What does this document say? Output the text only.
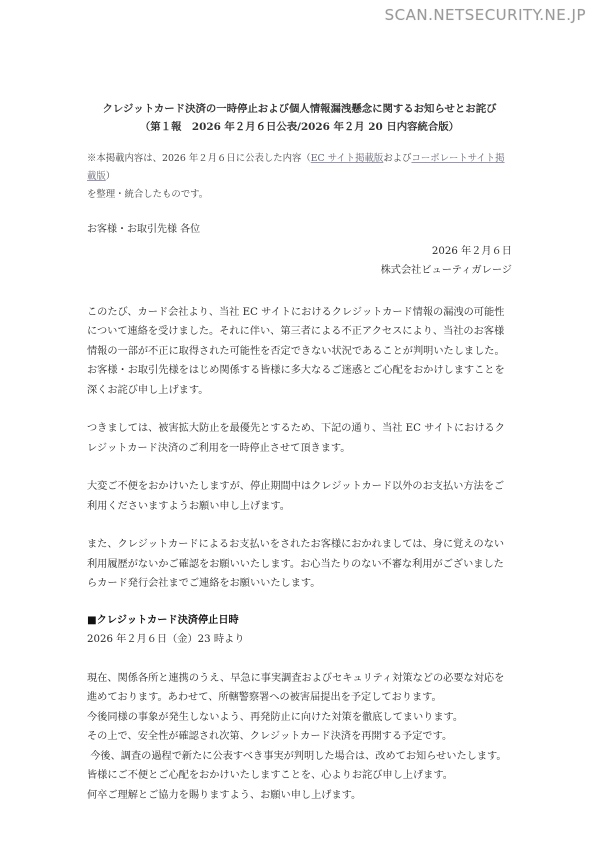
SCAN.NETSECURITY.NE.JP
クレジットカード決済の一時停止および個人情報漏洩懸念に関するお知らせとお詫び
（第１報　2026 年２月６日公表/2026 年２月 20 日内容統合版）
※本掲載内容は、2026 年２月６日に公表した内容（EC サイト掲載版およびコーポレートサイト掲載版）
を整理・統合したものです。
お客様・お取引先様 各位
2026 年２月６日
株式会社ビューティガレージ

このたび、カード会社より、当社 EC サイトにおけるクレジットカード情報の漏洩の可能性について連絡を受けました。それに伴い、第三者による不正アクセスにより、当社のお客様情報の一部が不正に取得された可能性を否定できない状況であることが判明いたしました。お客様・お取引先様をはじめ関係する皆様に多大なるご迷惑とご心配をおかけしますことを深くお詫び申し上げます。

つきましては、被害拡大防止を最優先とするため、下記の通り、当社 EC サイトにおけるクレジットカード決済のご利用を一時停止させて頂きます。

大変ご不便をおかけいたしますが、停止期間中はクレジットカード以外のお支払い方法をご利用くださいますようお願い申し上げます。

また、クレジットカードによるお支払いをされたお客様におかれましては、身に覚えのない利用履歴がないかご確認をお願いいたします。お心当たりのない不審な利用がございましたらカード発行会社までご連絡をお願いいたします。

■クレジットカード決済停止日時
2026 年２月６日（金）23 時より

現在、関係各所と連携のうえ、早急に事実調査およびセキュリティ対策などの必要な対応を進めております。あわせて、所轄警察署への被害届提出を予定しております。

今後同様の事象が発生しないよう、再発防止に向けた対策を徹底してまいります。

その上で、安全性が確認され次第、クレジットカード決済を再開する予定です。

今後、調査の過程で新たに公表すべき事実が判明した場合は、改めてお知らせいたします。

皆様にご不便とご心配をおかけいたしますことを、心よりお詫び申し上げます。

何卒ご理解とご協力を賜りますよう、お願い申し上げます。
